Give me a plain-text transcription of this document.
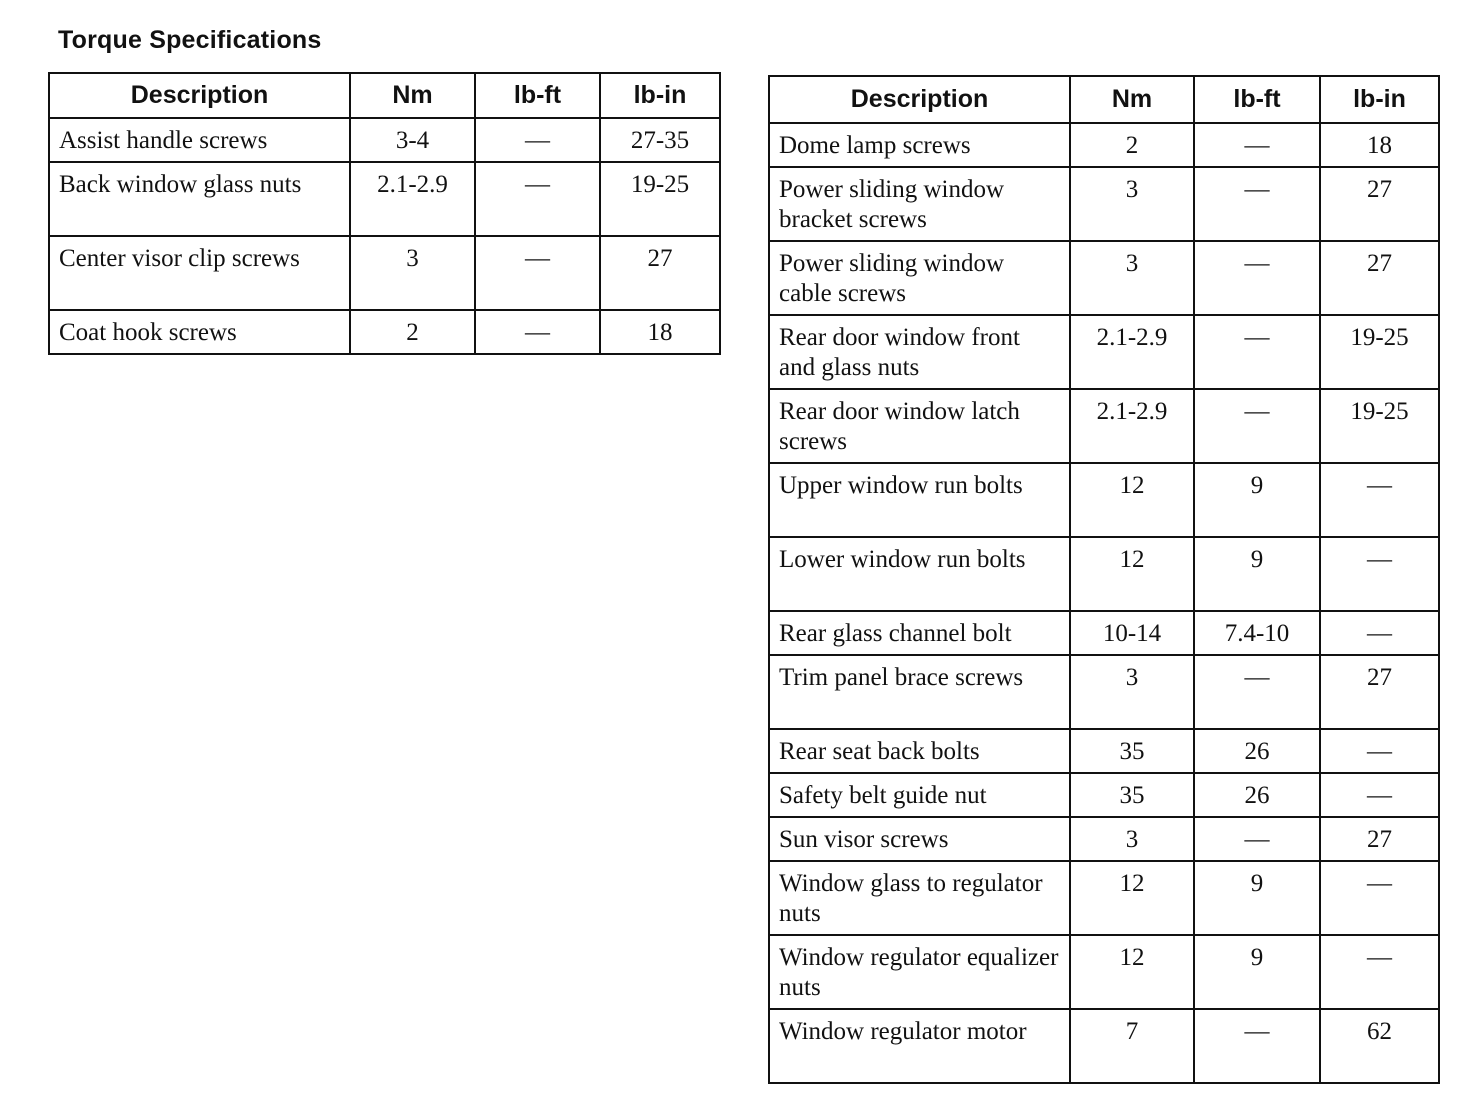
Torque Specifications
Description	Nm	lb-ft	lb-in
Assist handle screws	3-4	—	27-35
Back window glass nuts	2.1-2.9	—	19-25
Center visor clip screws	3	—	27
Coat hook screws	2	—	18
Description	Nm	lb-ft	lb-in
Dome lamp screws	2	—	18
Power sliding window bracket screws	3	—	27
Power sliding window cable screws	3	—	27
Rear door window front and glass nuts	2.1-2.9	—	19-25
Rear door window latch screws	2.1-2.9	—	19-25
Upper window run bolts	12	9	—
Lower window run bolts	12	9	—
Rear glass channel bolt	10-14	7.4-10	—
Trim panel brace screws	3	—	27
Rear seat back bolts	35	26	—
Safety belt guide nut	35	26	—
Sun visor screws	3	—	27
Window glass to regulator nuts	12	9	—
Window regulator equalizer nuts	12	9	—
Window regulator motor	7	—	62
